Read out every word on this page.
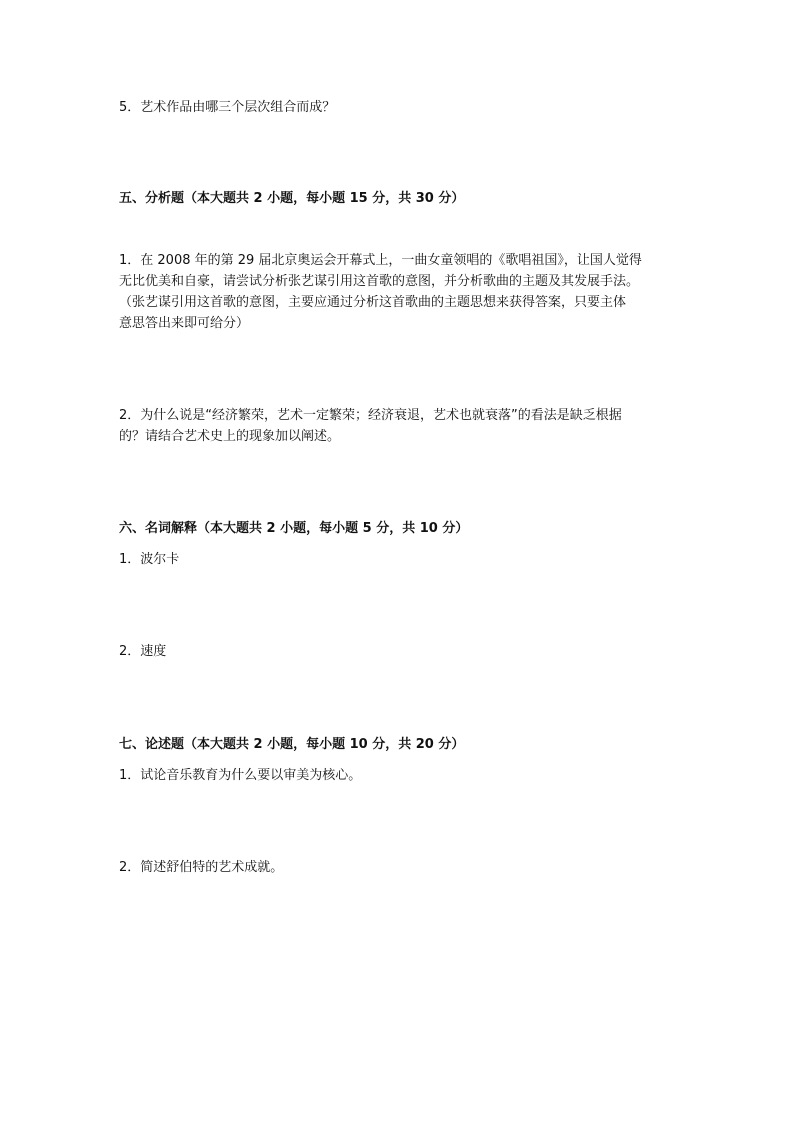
5．艺术作品由哪三个层次组合而成？
五、分析题（本大题共 2 小题，每小题 15 分，共 30 分）
1．在 2008 年的第 29 届北京奥运会开幕式上，一曲女童领唱的《歌唱祖国》，让国人觉得
无比优美和自豪，请尝试分析张艺谋引用这首歌的意图，并分析歌曲的主题及其发展手法。
（张艺谋引用这首歌的意图，主要应通过分析这首歌曲的主题思想来获得答案，只要主体
意思答出来即可给分）
2．为什么说是“经济繁荣，艺术一定繁荣；经济衰退，艺术也就衰落”的看法是缺乏根据
的？请结合艺术史上的现象加以阐述。
六、名词解释（本大题共 2 小题，每小题 5 分，共 10 分）
1．波尔卡
2．速度
七、论述题（本大题共 2 小题，每小题 10 分，共 20 分）
1．试论音乐教育为什么要以审美为核心。
2．简述舒伯特的艺术成就。
